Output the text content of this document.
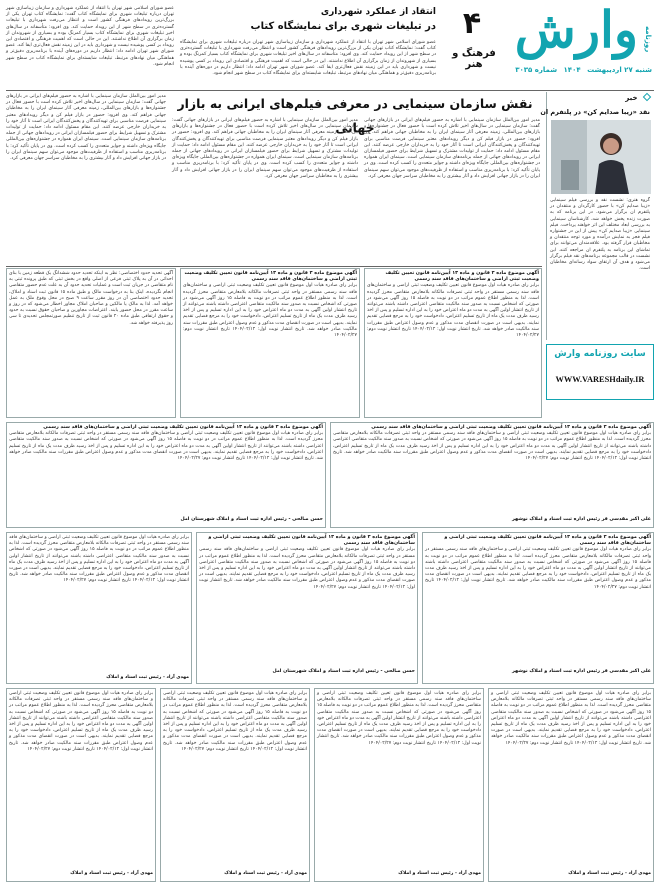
روزنامه
وارش
۴
فرهنگ و هنر	شنبه ۲۷ اردیبهشت ۱۴۰۴ شماره ۳۰۳۵
انتقاد از عملکرد شهرداری
در تبلیغات شهری برای نمایشگاه کتاب
عضو شورای اسلامی شهر تهران با انتقاد از عملکرد شهرداری و سازمان زیباسازی شهر تهران درباره تبلیغات شهری برای نمایشگاه کتاب گفت: نمایشگاه کتاب تهران یکی از بزرگ‌ترین رویدادهای فرهنگی کشور است و انتظار می‌رفت شهرداری با تبلیغات گسترده‌تری در سطح شهر از این رویداد حمایت کند. وی افزود: متأسفانه در سال‌های اخیر تبلیغات شهری برای نمایشگاه کتاب بسیار کمرنگ بوده و بسیاری از شهروندان از زمان برگزاری آن اطلاع نداشتند. این در حالی است که اهمیت فرهنگی و اقتصادی این رویداد بر کسی پوشیده نیست و شهرداری باید در این زمینه نقش فعال‌تری ایفا کند. عضو شورای شهر تهران ادامه داد: انتظار داریم در دوره‌های آینده با برنامه‌ریزی دقیق‌تر و هماهنگی میان نهادهای مرتبط، تبلیغات شایسته‌ای برای نمایشگاه کتاب در سطح شهر انجام شود.
عضو شورای اسلامی شهر تهران با انتقاد از عملکرد شهرداری و سازمان زیباسازی شهر تهران درباره تبلیغات شهری برای نمایشگاه کتاب گفت: نمایشگاه کتاب تهران یکی از بزرگ‌ترین رویدادهای فرهنگی کشور است و انتظار می‌رفت شهرداری با تبلیغات گسترده‌تری در سطح شهر از این رویداد حمایت کند. وی افزود: متأسفانه در سال‌های اخیر تبلیغات شهری برای نمایشگاه کتاب بسیار کمرنگ بوده و بسیاری از شهروندان از زمان برگزاری آن اطلاع نداشتند. این در حالی است که اهمیت فرهنگی و اقتصادی این رویداد بر کسی پوشیده نیست و شهرداری باید در این زمینه نقش فعال‌تری ایفا کند. عضو شورای شهر تهران ادامه داد: انتظار داریم در دوره‌های آینده با برنامه‌ریزی دقیق‌تر و هماهنگی میان نهادهای مرتبط، تبلیغات شایسته‌ای برای نمایشگاه کتاب در سطح شهر انجام شود.
نقش سازمان سینمایی در معرفی فیلم‌های ایرانی به بازار جهانی
مدیر امور بین‌الملل سازمان سینمایی با اشاره به حضور فیلم‌های ایرانی در بازارهای جهانی گفت: سازمان سینمایی در سال‌های اخیر تلاش کرده است با حضور فعال در جشنواره‌ها و بازارهای بین‌المللی، زمینه معرفی آثار سینمای ایران را به مخاطبان جهانی فراهم کند. وی افزود: حضور در بازار فیلم کن و دیگر رویدادهای معتبر سینمایی فرصت مناسبی برای تهیه‌کنندگان و پخش‌کنندگان ایرانی است تا آثار خود را به خریداران خارجی عرضه کنند. این مقام مسئول ادامه داد: حمایت از تولیدات مشترک و تسهیل شرایط برای حضور فیلمسازان ایرانی در رویدادهای جهانی از جمله برنامه‌های سازمان سینمایی است. سینمای ایران همواره در جشنواره‌های بین‌المللی جایگاه ویژه‌ای داشته و جوایز متعددی را کسب کرده است. وی در پایان تأکید کرد: با برنامه‌ریزی مناسب و استفاده از ظرفیت‌های موجود می‌توان سهم سینمای ایران را در بازار جهانی افزایش داد و آثار بیشتری را به مخاطبان سراسر جهان معرفی کرد.
مدیر امور بین‌الملل سازمان سینمایی با اشاره به حضور فیلم‌های ایرانی در بازارهای جهانی گفت: سازمان سینمایی در سال‌های اخیر تلاش کرده است با حضور فعال در جشنواره‌ها و بازارهای بین‌المللی، زمینه معرفی آثار سینمای ایران را به مخاطبان جهانی فراهم کند. وی افزود: حضور در بازار فیلم کن و دیگر رویدادهای معتبر سینمایی فرصت مناسبی برای تهیه‌کنندگان و پخش‌کنندگان ایرانی است تا آثار خود را به خریداران خارجی عرضه کنند. این مقام مسئول ادامه داد: حمایت از تولیدات مشترک و تسهیل شرایط برای حضور فیلمسازان ایرانی در رویدادهای جهانی از جمله برنامه‌های سازمان سینمایی است. سینمای ایران همواره در جشنواره‌های بین‌المللی جایگاه ویژه‌ای داشته و جوایز متعددی را کسب کرده است. وی در پایان تأکید کرد: با برنامه‌ریزی مناسب و استفاده از ظرفیت‌های موجود می‌توان سهم سینمای ایران را در بازار جهانی افزایش داد و آثار بیشتری را به مخاطبان سراسر جهان معرفی کرد.
مدیر امور بین‌الملل سازمان سینمایی با اشاره به حضور فیلم‌های ایرانی در بازارهای جهانی گفت: سازمان سینمایی در سال‌های اخیر تلاش کرده است با حضور فعال در جشنواره‌ها و بازارهای بین‌المللی، زمینه معرفی آثار سینمای ایران را به مخاطبان جهانی فراهم کند. وی افزود: حضور در بازار فیلم کن و دیگر رویدادهای معتبر سینمایی فرصت مناسبی برای تهیه‌کنندگان و پخش‌کنندگان ایرانی است تا آثار خود را به خریداران خارجی عرضه کنند. این مقام مسئول ادامه داد: حمایت از تولیدات مشترک و تسهیل شرایط برای حضور فیلمسازان ایرانی در رویدادهای جهانی از جمله برنامه‌های سازمان سینمایی است. سینمای ایران همواره در جشنواره‌های بین‌المللی جایگاه ویژه‌ای داشته و جوایز متعددی را کسب کرده است. وی در پایان تأکید کرد: با برنامه‌ریزی مناسب و استفاده از ظرفیت‌های موجود می‌توان سهم سینمای ایران را در بازار جهانی افزایش داد و آثار بیشتری را به مخاطبان سراسر جهان معرفی کرد.
خبر
نقد «زیبا صدایم کن» در پلتفرم ان
گروه هنری: نشست نقد و بررسی فیلم سینمایی «زیبا صدایم کن» با حضور کارگردان و منتقدان در پلتفرم ان برگزار می‌شود. در این برنامه که به صورت زنده پخش خواهد شد، کارشناسان سینمایی به بررسی ابعاد مختلف این اثر خواهند پرداخت. فیلم سینمایی «زیبا صدایم کن» پیش از این در جشنواره فیلم فجر به نمایش درآمده و مورد توجه منتقدان و مخاطبان قرار گرفته بود. علاقه‌مندان می‌توانند برای تماشای این برنامه به پلتفرم ان مراجعه کنند. این نشست در قالب مجموعه برنامه‌های نقد فیلم برگزار می‌شود و هدف آن ارتقای سواد رسانه‌ای مخاطبان است.
آگهی تحدید حدود اختصاصی: نظر به اینکه تحدید حدود ششدانگ یک قطعه زمین با بنای احداثی در آن به پلاک ثبتی فرعی از اصلی واقع در بخش ثبتی که طبق پرونده ثبتی به نام متقاضی در جریان ثبت است و عملیات تحدید حدود آن به علت عدم حضور متقاضی انجام نگردیده، اینک بنا به درخواست مالک و طبق ماده ۱۵ قانون ثبت اسناد و املاک، تحدید حدود اختصاصی آن در روز مقرر ساعت ۹ صبح در محل وقوع ملک به عمل خواهد آمد. لذا به مالک یا مالکین و صاحبان املاک مجاور اخطار می‌شود که در روز و ساعت مقرر در محل حضور یابند. اعتراضات مجاورین و صاحبان حقوق نسبت به حدود و حقوق ارتفاقی طبق ماده ۲۰ قانون ثبت از تاریخ تنظیم صورتمجلس تحدیدی تا سی روز پذیرفته خواهد شد.
آگهی موضوع ماده ۳ قانون و ماده ۱۳ آیین‌نامه قانون تعیین تکلیف وضعیت ثبتی اراضی و ساختمان‌های فاقد سند رسمی
برابر رای صادره هیات اول موضوع قانون تعیین تکلیف وضعیت ثبتی اراضی و ساختمان‌های فاقد سند رسمی مستقر در واحد ثبتی تصرفات مالکانه بلامعارض متقاضی محرز گردیده است. لذا به منظور اطلاع عموم مراتب در دو نوبت به فاصله ۱۵ روز آگهی می‌شود در صورتی که اشخاص نسبت به صدور سند مالکیت متقاضی اعتراضی داشته باشند می‌توانند از تاریخ انتشار اولین آگهی به مدت دو ماه اعتراض خود را به این اداره تسلیم و پس از اخذ رسید ظرف مدت یک ماه از تاریخ تسلیم اعتراض، دادخواست خود را به مرجع قضایی تقدیم نمایند. بدیهی است در صورت انقضای مدت مذکور و عدم وصول اعتراض طبق مقررات سند مالکیت صادر خواهد شد. تاریخ انتشار نوبت اول: ۱۴۰۴/۰۲/۱۲ تاریخ انتشار نوبت دوم: ۱۴۰۴/۰۲/۲۷
آگهی موضوع ماده ۳ قانون و ماده ۱۳ آیین‌نامه قانون تعیین تکلیف وضعیت ثبتی اراضی و ساختمان‌های فاقد سند رسمی
برابر رای صادره هیات اول موضوع قانون تعیین تکلیف وضعیت ثبتی اراضی و ساختمان‌های فاقد سند رسمی مستقر در واحد ثبتی تصرفات مالکانه بلامعارض متقاضی محرز گردیده است. لذا به منظور اطلاع عموم مراتب در دو نوبت به فاصله ۱۵ روز آگهی می‌شود در صورتی که اشخاص نسبت به صدور سند مالکیت متقاضی اعتراضی داشته باشند می‌توانند از تاریخ انتشار اولین آگهی به مدت دو ماه اعتراض خود را به این اداره تسلیم و پس از اخذ رسید ظرف مدت یک ماه از تاریخ تسلیم اعتراض، دادخواست خود را به مرجع قضایی تقدیم نمایند. بدیهی است در صورت انقضای مدت مذکور و عدم وصول اعتراض طبق مقررات سند مالکیت صادر خواهد شد. تاریخ انتشار نوبت اول: ۱۴۰۴/۰۲/۱۲ تاریخ انتشار نوبت دوم: ۱۴۰۴/۰۲/۲۷
سایت روزنامه وارش
WWW.VARESHdaily.IR
آگهی موضوع ماده ۳ قانون و ماده ۱۳ آیین‌نامه قانون تعیین تکلیف وضعیت ثبتی اراضی و ساختمان‌های فاقد سند رسمی
برابر رای صادره هیات اول موضوع قانون تعیین تکلیف وضعیت ثبتی اراضی و ساختمان‌های فاقد سند رسمی مستقر در واحد ثبتی تصرفات مالکانه بلامعارض متقاضی محرز گردیده است. لذا به منظور اطلاع عموم مراتب در دو نوبت به فاصله ۱۵ روز آگهی می‌شود در صورتی که اشخاص نسبت به صدور سند مالکیت متقاضی اعتراضی داشته باشند می‌توانند از تاریخ انتشار اولین آگهی به مدت دو ماه اعتراض خود را به این اداره تسلیم و پس از اخذ رسید ظرف مدت یک ماه از تاریخ تسلیم اعتراض، دادخواست خود را به مرجع قضایی تقدیم نمایند. بدیهی است در صورت انقضای مدت مذکور و عدم وصول اعتراض طبق مقررات سند مالکیت صادر خواهد شد. تاریخ انتشار نوبت اول: ۱۴۰۴/۰۲/۱۲ تاریخ انتشار نوبت دوم: ۱۴۰۴/۰۲/۲۷
حسن صالحی - رئیس اداره ثبت اسناد و املاک شهرستان امل
آگهی موضوع ماده ۳ قانون و ماده ۱۳ آیین‌نامه قانون تعیین تکلیف وضعیت ثبتی اراضی و ساختمان‌های فاقد سند رسمی
برابر رای صادره هیات اول موضوع قانون تعیین تکلیف وضعیت ثبتی اراضی و ساختمان‌های فاقد سند رسمی مستقر در واحد ثبتی تصرفات مالکانه بلامعارض متقاضی محرز گردیده است. لذا به منظور اطلاع عموم مراتب در دو نوبت به فاصله ۱۵ روز آگهی می‌شود در صورتی که اشخاص نسبت به صدور سند مالکیت متقاضی اعتراضی داشته باشند می‌توانند از تاریخ انتشار اولین آگهی به مدت دو ماه اعتراض خود را به این اداره تسلیم و پس از اخذ رسید ظرف مدت یک ماه از تاریخ تسلیم اعتراض، دادخواست خود را به مرجع قضایی تقدیم نمایند. بدیهی است در صورت انقضای مدت مذکور و عدم وصول اعتراض طبق مقررات سند مالکیت صادر خواهد شد. تاریخ انتشار نوبت اول: ۱۴۰۴/۰۲/۱۲ تاریخ انتشار نوبت دوم: ۱۴۰۴/۰۲/۲۷
علی اکبر مقدسی فر رئیس اداره ثبت اسناد و املاک نوشهر
برابر رای صادره هیات اول موضوع قانون تعیین تکلیف وضعیت ثبتی اراضی و ساختمان‌های فاقد سند رسمی مستقر در واحد ثبتی تصرفات مالکانه بلامعارض متقاضی محرز گردیده است. لذا به منظور اطلاع عموم مراتب در دو نوبت به فاصله ۱۵ روز آگهی می‌شود در صورتی که اشخاص نسبت به صدور سند مالکیت متقاضی اعتراضی داشته باشند می‌توانند از تاریخ انتشار اولین آگهی به مدت دو ماه اعتراض خود را به این اداره تسلیم و پس از اخذ رسید ظرف مدت یک ماه از تاریخ تسلیم اعتراض، دادخواست خود را به مرجع قضایی تقدیم نمایند. بدیهی است در صورت انقضای مدت مذکور و عدم وصول اعتراض طبق مقررات سند مالکیت صادر خواهد شد. تاریخ انتشار نوبت اول: ۱۴۰۴/۰۲/۱۲ تاریخ انتشار نوبت دوم: ۱۴۰۴/۰۲/۲۷
مهدی آزاد - رئیس ثبت اسناد و املاک
آگهی موضوع ماده ۳ قانون و ماده ۱۳ آیین‌نامه قانون تعیین تکلیف وضعیت ثبتی اراضی و ساختمان‌های فاقد سند رسمی
برابر رای صادره هیات اول موضوع قانون تعیین تکلیف وضعیت ثبتی اراضی و ساختمان‌های فاقد سند رسمی مستقر در واحد ثبتی تصرفات مالکانه بلامعارض متقاضی محرز گردیده است. لذا به منظور اطلاع عموم مراتب در دو نوبت به فاصله ۱۵ روز آگهی می‌شود در صورتی که اشخاص نسبت به صدور سند مالکیت متقاضی اعتراضی داشته باشند می‌توانند از تاریخ انتشار اولین آگهی به مدت دو ماه اعتراض خود را به این اداره تسلیم و پس از اخذ رسید ظرف مدت یک ماه از تاریخ تسلیم اعتراض، دادخواست خود را به مرجع قضایی تقدیم نمایند. بدیهی است در صورت انقضای مدت مذکور و عدم وصول اعتراض طبق مقررات سند مالکیت صادر خواهد شد. تاریخ انتشار نوبت اول: ۱۴۰۴/۰۲/۱۲ تاریخ انتشار نوبت دوم: ۱۴۰۴/۰۲/۲۷
حسن صالحی - رئیس اداره ثبت اسناد و املاک شهرستان امل
آگهی موضوع ماده ۳ قانون و ماده ۱۳ آیین‌نامه قانون تعیین تکلیف وضعیت ثبتی اراضی و ساختمان‌های فاقد سند رسمی
برابر رای صادره هیات اول موضوع قانون تعیین تکلیف وضعیت ثبتی اراضی و ساختمان‌های فاقد سند رسمی مستقر در واحد ثبتی تصرفات مالکانه بلامعارض متقاضی محرز گردیده است. لذا به منظور اطلاع عموم مراتب در دو نوبت به فاصله ۱۵ روز آگهی می‌شود در صورتی که اشخاص نسبت به صدور سند مالکیت متقاضی اعتراضی داشته باشند می‌توانند از تاریخ انتشار اولین آگهی به مدت دو ماه اعتراض خود را به این اداره تسلیم و پس از اخذ رسید ظرف مدت یک ماه از تاریخ تسلیم اعتراض، دادخواست خود را به مرجع قضایی تقدیم نمایند. بدیهی است در صورت انقضای مدت مذکور و عدم وصول اعتراض طبق مقررات سند مالکیت صادر خواهد شد. تاریخ انتشار نوبت اول: ۱۴۰۴/۰۲/۱۲ تاریخ انتشار نوبت دوم: ۱۴۰۴/۰۲/۲۷
علی اکبر مقدسی فر رئیس اداره ثبت اسناد و املاک نوشهر
برابر رای صادره هیات اول موضوع قانون تعیین تکلیف وضعیت ثبتی اراضی و ساختمان‌های فاقد سند رسمی مستقر در واحد ثبتی تصرفات مالکانه بلامعارض متقاضی محرز گردیده است. لذا به منظور اطلاع عموم مراتب در دو نوبت به فاصله ۱۵ روز آگهی می‌شود در صورتی که اشخاص نسبت به صدور سند مالکیت متقاضی اعتراضی داشته باشند می‌توانند از تاریخ انتشار اولین آگهی به مدت دو ماه اعتراض خود را به این اداره تسلیم و پس از اخذ رسید ظرف مدت یک ماه از تاریخ تسلیم اعتراض، دادخواست خود را به مرجع قضایی تقدیم نمایند. بدیهی است در صورت انقضای مدت مذکور و عدم وصول اعتراض طبق مقررات سند مالکیت صادر خواهد شد. تاریخ انتشار نوبت اول: ۱۴۰۴/۰۲/۱۲ تاریخ انتشار نوبت دوم: ۱۴۰۴/۰۲/۲۷
مهدی آزاد - رئیس ثبت اسناد و املاک
برابر رای صادره هیات اول موضوع قانون تعیین تکلیف وضعیت ثبتی اراضی و ساختمان‌های فاقد سند رسمی مستقر در واحد ثبتی تصرفات مالکانه بلامعارض متقاضی محرز گردیده است. لذا به منظور اطلاع عموم مراتب در دو نوبت به فاصله ۱۵ روز آگهی می‌شود در صورتی که اشخاص نسبت به صدور سند مالکیت متقاضی اعتراضی داشته باشند می‌توانند از تاریخ انتشار اولین آگهی به مدت دو ماه اعتراض خود را به این اداره تسلیم و پس از اخذ رسید ظرف مدت یک ماه از تاریخ تسلیم اعتراض، دادخواست خود را به مرجع قضایی تقدیم نمایند. بدیهی است در صورت انقضای مدت مذکور و عدم وصول اعتراض طبق مقررات سند مالکیت صادر خواهد شد. تاریخ انتشار نوبت اول: ۱۴۰۴/۰۲/۱۲ تاریخ انتشار نوبت دوم: ۱۴۰۴/۰۲/۲۷
مهدی آزاد - رئیس ثبت اسناد و املاک
برابر رای صادره هیات اول موضوع قانون تعیین تکلیف وضعیت ثبتی اراضی و ساختمان‌های فاقد سند رسمی مستقر در واحد ثبتی تصرفات مالکانه بلامعارض متقاضی محرز گردیده است. لذا به منظور اطلاع عموم مراتب در دو نوبت به فاصله ۱۵ روز آگهی می‌شود در صورتی که اشخاص نسبت به صدور سند مالکیت متقاضی اعتراضی داشته باشند می‌توانند از تاریخ انتشار اولین آگهی به مدت دو ماه اعتراض خود را به این اداره تسلیم و پس از اخذ رسید ظرف مدت یک ماه از تاریخ تسلیم اعتراض، دادخواست خود را به مرجع قضایی تقدیم نمایند. بدیهی است در صورت انقضای مدت مذکور و عدم وصول اعتراض طبق مقررات سند مالکیت صادر خواهد شد. تاریخ انتشار نوبت اول: ۱۴۰۴/۰۲/۱۲ تاریخ انتشار نوبت دوم: ۱۴۰۴/۰۲/۲۷
مهدی آزاد - رئیس ثبت اسناد و املاک
برابر رای صادره هیات اول موضوع قانون تعیین تکلیف وضعیت ثبتی اراضی و ساختمان‌های فاقد سند رسمی مستقر در واحد ثبتی تصرفات مالکانه بلامعارض متقاضی محرز گردیده است. لذا به منظور اطلاع عموم مراتب در دو نوبت به فاصله ۱۵ روز آگهی می‌شود در صورتی که اشخاص نسبت به صدور سند مالکیت متقاضی اعتراضی داشته باشند می‌توانند از تاریخ انتشار اولین آگهی به مدت دو ماه اعتراض خود را به این اداره تسلیم و پس از اخذ رسید ظرف مدت یک ماه از تاریخ تسلیم اعتراض، دادخواست خود را به مرجع قضایی تقدیم نمایند. بدیهی است در صورت انقضای مدت مذکور و عدم وصول اعتراض طبق مقررات سند مالکیت صادر خواهد شد. تاریخ انتشار نوبت اول: ۱۴۰۴/۰۲/۱۲ تاریخ انتشار نوبت دوم: ۱۴۰۴/۰۲/۲۷
مهدی آزاد - رئیس ثبت اسناد و املاک
